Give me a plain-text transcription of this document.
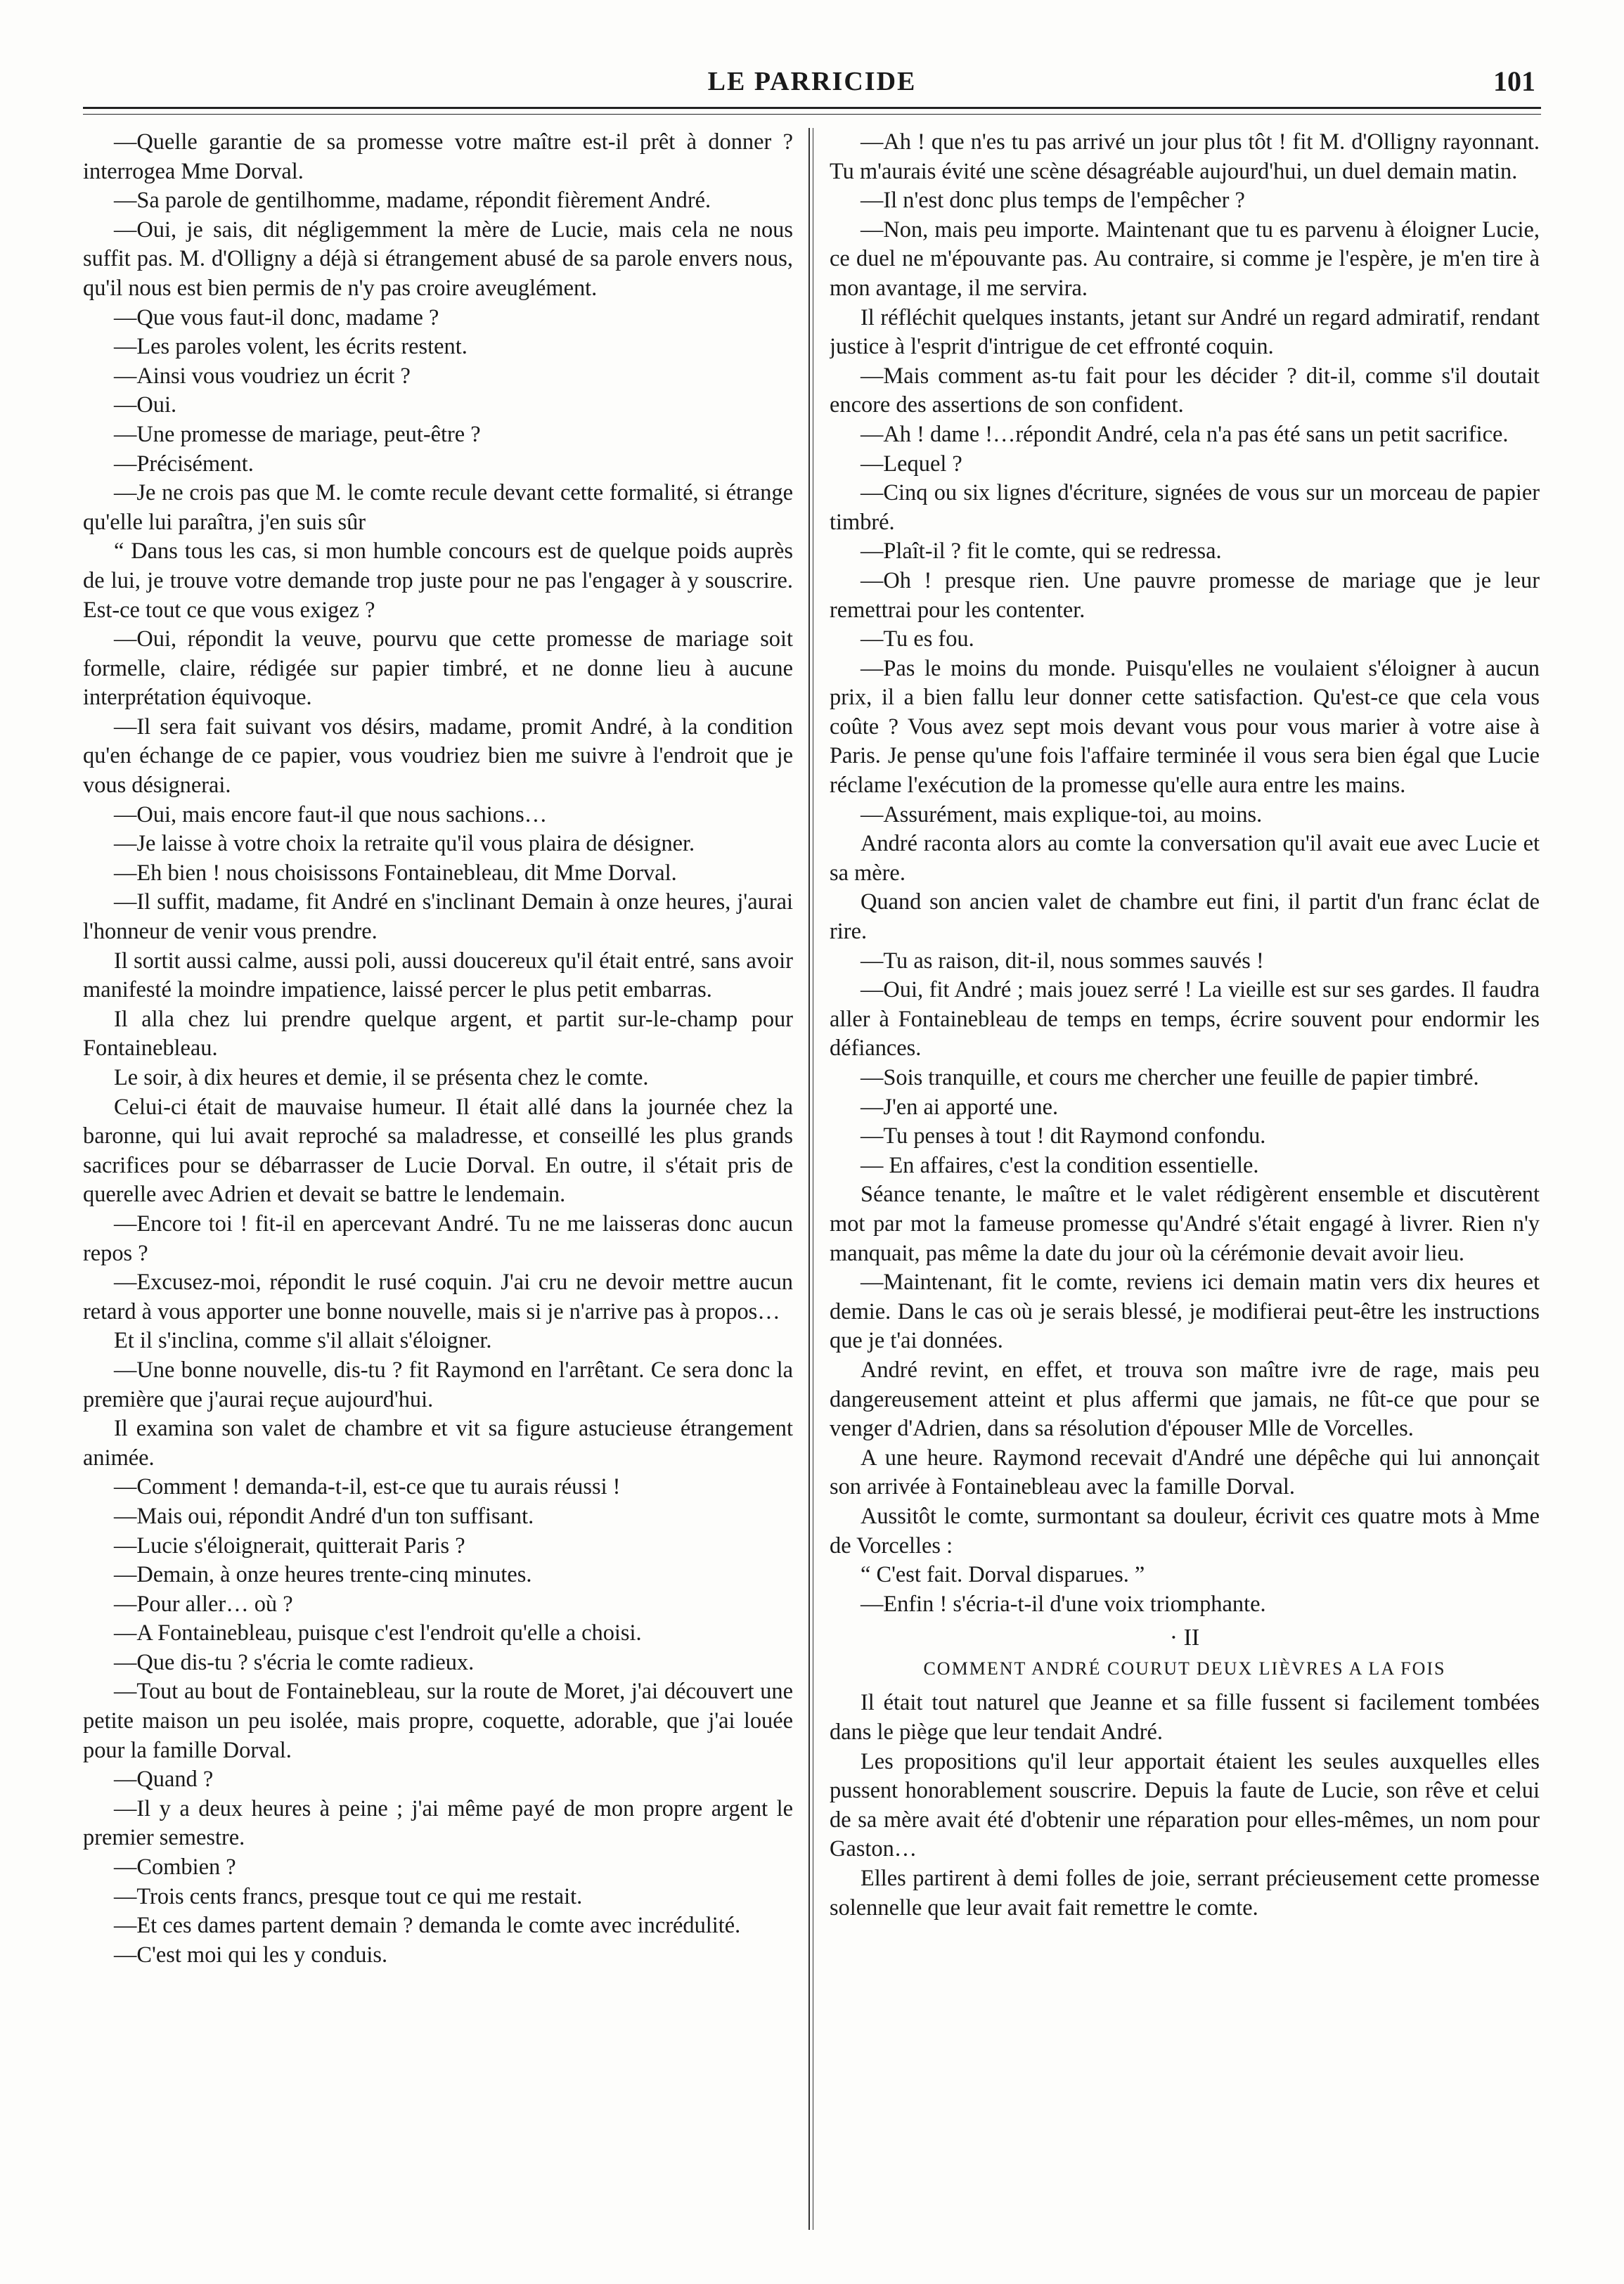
LE PARRICIDE	101

—Quelle garantie de sa promesse votre maître est-il prêt à donner ? interrogea Mme Dorval.

—Sa parole de gentilhomme, madame, répondit fièrement André.

—Oui, je sais, dit négligemment la mère de Lucie, mais cela ne nous suffit pas. M. d'Olligny a déjà si étrangement abusé de sa parole envers nous, qu'il nous est bien permis de n'y pas croire aveuglément.

—Que vous faut-il donc, madame ?

—Les paroles volent, les écrits restent.

—Ainsi vous voudriez un écrit ?

—Oui.

—Une promesse de mariage, peut-être ?

—Précisément.

—Je ne crois pas que M. le comte recule devant cette formalité, si étrange qu'elle lui paraîtra, j'en suis sûr

“ Dans tous les cas, si mon humble concours est de quelque poids auprès de lui, je trouve votre demande trop juste pour ne pas l'engager à y souscrire. Est-ce tout ce que vous exigez ?

—Oui, répondit la veuve, pourvu que cette promesse de mariage soit formelle, claire, rédigée sur papier timbré, et ne donne lieu à aucune interprétation équivoque.

—Il sera fait suivant vos désirs, madame, promit André, à la condition qu'en échange de ce papier, vous voudriez bien me suivre à l'endroit que je vous désignerai.

—Oui, mais encore faut-il que nous sachions…

—Je laisse à votre choix la retraite qu'il vous plaira de désigner.

—Eh bien ! nous choisissons Fontainebleau, dit Mme Dorval.

—Il suffit, madame, fit André en s'inclinant Demain à onze heures, j'aurai l'honneur de venir vous prendre.

Il sortit aussi calme, aussi poli, aussi doucereux qu'il était entré, sans avoir manifesté la moindre impatience, laissé percer le plus petit embarras.

Il alla chez lui prendre quelque argent, et partit sur-le-champ pour Fontainebleau.

Le soir, à dix heures et demie, il se présenta chez le comte.

Celui-ci était de mauvaise humeur. Il était allé dans la journée chez la baronne, qui lui avait reproché sa maladresse, et conseillé les plus grands sacrifices pour se débarrasser de Lucie Dorval. En outre, il s'était pris de querelle avec Adrien et devait se battre le lendemain.

—Encore toi ! fit-il en apercevant André. Tu ne me laisseras donc aucun repos ?

—Excusez-moi, répondit le rusé coquin. J'ai cru ne devoir mettre aucun retard à vous apporter une bonne nouvelle, mais si je n'arrive pas à propos…

Et il s'inclina, comme s'il allait s'éloigner.

—Une bonne nouvelle, dis-tu ? fit Raymond en l'arrêtant. Ce sera donc la première que j'aurai reçue aujourd'hui.

Il examina son valet de chambre et vit sa figure astucieuse étrangement animée.

—Comment ! demanda-t-il, est-ce que tu aurais réussi !

—Mais oui, répondit André d'un ton suffisant.

—Lucie s'éloignerait, quitterait Paris ?

—Demain, à onze heures trente-cinq minutes.

—Pour aller… où ?

—A Fontainebleau, puisque c'est l'endroit qu'elle a choisi.

—Que dis-tu ? s'écria le comte radieux.

—Tout au bout de Fontainebleau, sur la route de Moret, j'ai découvert une petite maison un peu isolée, mais propre, coquette, adorable, que j'ai louée pour la famille Dorval.

—Quand ?

—Il y a deux heures à peine ; j'ai même payé de mon propre argent le premier semestre.

—Combien ?

—Trois cents francs, presque tout ce qui me restait.

—Et ces dames partent demain ? demanda le comte avec incrédulité.

—C'est moi qui les y conduis.

—Ah ! que n'es tu pas arrivé un jour plus tôt ! fit M. d'Olligny rayonnant. Tu m'aurais évité une scène désagréable aujourd'hui, un duel demain matin.

—Il n'est donc plus temps de l'empêcher ?

—Non, mais peu importe. Maintenant que tu es parvenu à éloigner Lucie, ce duel ne m'épouvante pas. Au contraire, si comme je l'espère, je m'en tire à mon avantage, il me servira.

Il réfléchit quelques instants, jetant sur André un regard admiratif, rendant justice à l'esprit d'intrigue de cet effronté coquin.

—Mais comment as-tu fait pour les décider ? dit-il, comme s'il doutait encore des assertions de son confident.

—Ah ! dame !…répondit André, cela n'a pas été sans un petit sacrifice.

—Lequel ?

—Cinq ou six lignes d'écriture, signées de vous sur un morceau de papier timbré.

—Plaît-il ? fit le comte, qui se redressa.

—Oh ! presque rien. Une pauvre promesse de mariage que je leur remettrai pour les contenter.

—Tu es fou.

—Pas le moins du monde. Puisqu'elles ne voulaient s'éloigner à aucun prix, il a bien fallu leur donner cette satisfaction. Qu'est-ce que cela vous coûte ? Vous avez sept mois devant vous pour vous marier à votre aise à Paris. Je pense qu'une fois l'affaire terminée il vous sera bien égal que Lucie réclame l'exécution de la promesse qu'elle aura entre les mains.

—Assurément, mais explique-toi, au moins.

André raconta alors au comte la conversation qu'il avait eue avec Lucie et sa mère.

Quand son ancien valet de chambre eut fini, il partit d'un franc éclat de rire.

—Tu as raison, dit-il, nous sommes sauvés !

—Oui, fit André ; mais jouez serré ! La vieille est sur ses gardes. Il faudra aller à Fontainebleau de temps en temps, écrire souvent pour endormir les défiances.

—Sois tranquille, et cours me chercher une feuille de papier timbré.

—J'en ai apporté une.

—Tu penses à tout ! dit Raymond confondu.

— En affaires, c'est la condition essentielle.

Séance tenante, le maître et le valet rédigèrent ensemble et discutèrent mot par mot la fameuse promesse qu'André s'était engagé à livrer. Rien n'y manquait, pas même la date du jour où la cérémonie devait avoir lieu.

—Maintenant, fit le comte, reviens ici demain matin vers dix heures et demie. Dans le cas où je serais blessé, je modifierai peut-être les instructions que je t'ai données.

André revint, en effet, et trouva son maître ivre de rage, mais peu dangereusement atteint et plus affermi que jamais, ne fût-ce que pour se venger d'Adrien, dans sa résolution d'épouser Mlle de Vorcelles.

A une heure. Raymond recevait d'André une dépêche qui lui annonçait son arrivée à Fontainebleau avec la famille Dorval.

Aussitôt le comte, surmontant sa douleur, écrivit ces quatre mots à Mme de Vorcelles :

“ C'est fait. Dorval disparues. ”

—Enfin ! s'écria-t-il d'une voix triomphante.

· II
COMMENT ANDRÉ COURUT DEUX LIÈVRES A LA FOIS

Il était tout naturel que Jeanne et sa fille fussent si facilement tombées dans le piège que leur tendait André.

Les propositions qu'il leur apportait étaient les seules auxquelles elles pussent honorablement souscrire. Depuis la faute de Lucie, son rêve et celui de sa mère avait été d'obtenir une réparation pour elles-mêmes, un nom pour Gaston…

Elles partirent à demi folles de joie, serrant précieusement cette promesse solennelle que leur avait fait remettre le comte.
